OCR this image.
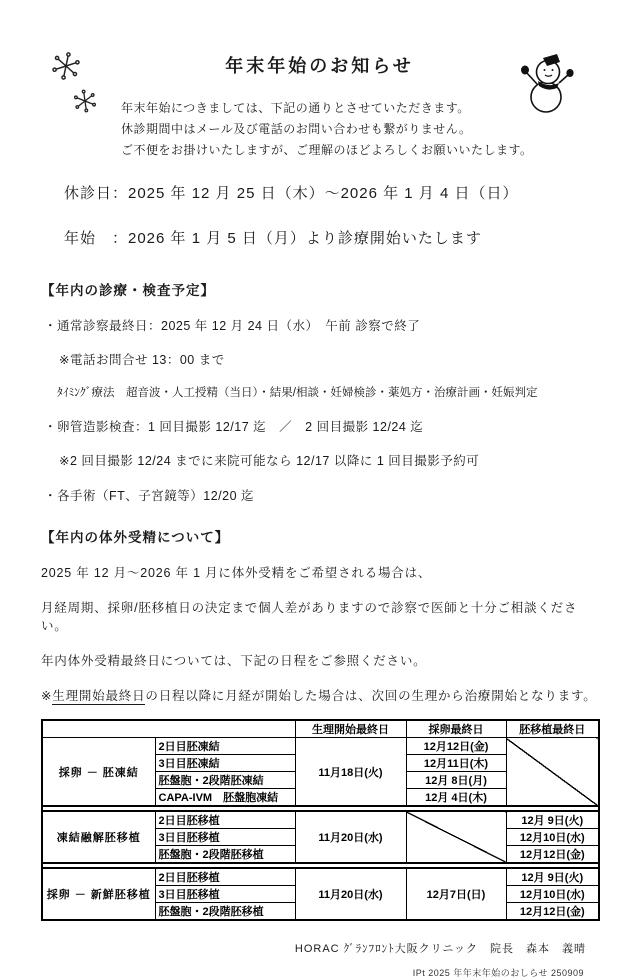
年末年始のお知らせ
年末年始につきましては、下記の通りとさせていただきます。
休診期間中はメール及び電話のお問い合わせも繋がりません。
ご不便をお掛けいたしますが、ご理解のほどよろしくお願いいたします。
休診日：2025 年 12 月 25 日（木）～2026 年 1 月 4 日（日）
年始　：2026 年 1 月 5 日（月）より診療開始いたします
【年内の診療・検査予定】
・通常診察最終日：2025 年 12 月 24 日（水）　午前 診察で終了
※電話お問合せ 13：00 まで
ﾀｲﾐﾝｸﾞ療法　超音波・人工授精（当日）・結果/相談・妊婦検診・薬処方・治療計画・妊娠判定
・卵管造影検査：1 回目撮影 12/17 迄　／　2 回目撮影 12/24 迄
※2 回目撮影 12/24 までに来院可能なら 12/17 以降に 1 回目撮影予約可
・各手術（FT、子宮鏡等）12/20 迄
【年内の体外受精について】
2025 年 12 月～2026 年 1 月に体外受精をご希望される場合は、
月経周期、採卵/胚移植日の決定まで個人差がありますので診察で医師と十分ご相談ください。
年内体外受精最終日については、下記の日程をご参照ください。
※生理開始最終日の日程以降に月経が開始した場合は、次回の生理から治療開始となります。
		生理開始最終日	採卵最終日	胚移植最終日
採卵 － 胚凍結	2日目胚凍結	11月18日(火)	12月12日(金)	
	3日目胚凍結		12月11日(木)	
	胚盤胞・2段階胚凍結		12月 8日(月)	
	CAPA-IVM　胚盤胞凍結		12月 4日(木)	

凍結融解胚移植	2日目胚移植	11月20日(水)		12月 9日(火)
	3日目胚移植			12月10日(水)
	胚盤胞・2段階胚移植			12月12日(金)

採卵 － 新鮮胚移植	2日目胚移植	11月20日(水)	12月7日(日)	12月 9日(火)
	3日目胚移植			12月10日(水)
	胚盤胞・2段階胚移植			12月12日(金)
HORAC ｸﾞﾗﾝﾌﾛﾝﾄ大阪クリニック　院長　森本　義晴
IPt 2025 年年末年始のおしらせ 250909
